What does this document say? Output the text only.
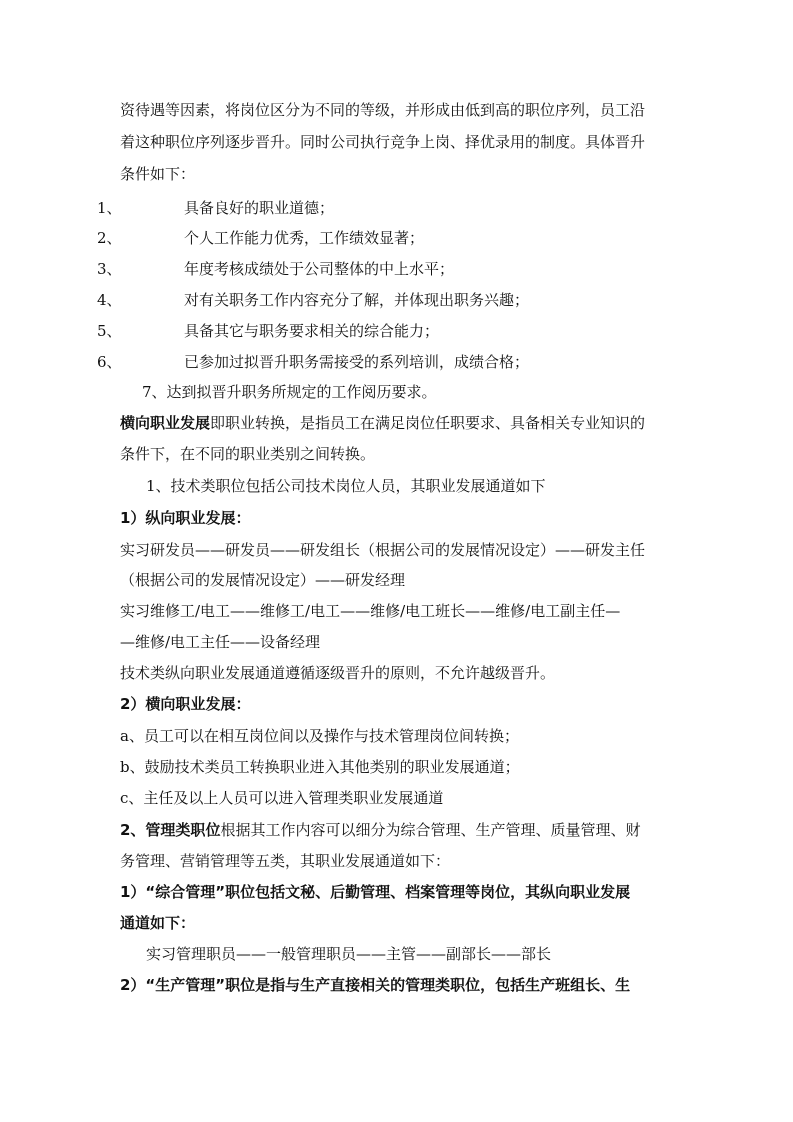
资待遇等因素，将岗位区分为不同的等级，并形成由低到高的职位序列，员工沿
着这种职位序列逐步晋升。同时公司执行竞争上岗、择优录用的制度。具体晋升
条件如下：
1、	具备良好的职业道德；
2、	个人工作能力优秀，工作绩效显著；
3、	年度考核成绩处于公司整体的中上水平；
4、	对有关职务工作内容充分了解，并体现出职务兴趣；
5、	具备其它与职务要求相关的综合能力；
6、	已参加过拟晋升职务需接受的系列培训，成绩合格；
7、达到拟晋升职务所规定的工作阅历要求。
横向职业发展即职业转换，是指员工在满足岗位任职要求、具备相关专业知识的
条件下，在不同的职业类别之间转换。
1、技术类职位包括公司技术岗位人员，其职业发展通道如下
1）纵向职业发展：
实习研发员——研发员——研发组长（根据公司的发展情况设定）——研发主任
（根据公司的发展情况设定）——研发经理
实习维修工/电工——维修工/电工——维修/电工班长——维修/电工副主任—
—维修/电工主任——设备经理
技术类纵向职业发展通道遵循逐级晋升的原则，不允许越级晋升。
2）横向职业发展：
a、员工可以在相互岗位间以及操作与技术管理岗位间转换；
b、鼓励技术类员工转换职业进入其他类别的职业发展通道；
c、主任及以上人员可以进入管理类职业发展通道
2、管理类职位根据其工作内容可以细分为综合管理、生产管理、质量管理、财
务管理、营销管理等五类，其职业发展通道如下：
1）“综合管理”职位包括文秘、后勤管理、档案管理等岗位，其纵向职业发展
通道如下：
实习管理职员——一般管理职员——主管——副部长——部长
2）“生产管理”职位是指与生产直接相关的管理类职位，包括生产班组长、生
